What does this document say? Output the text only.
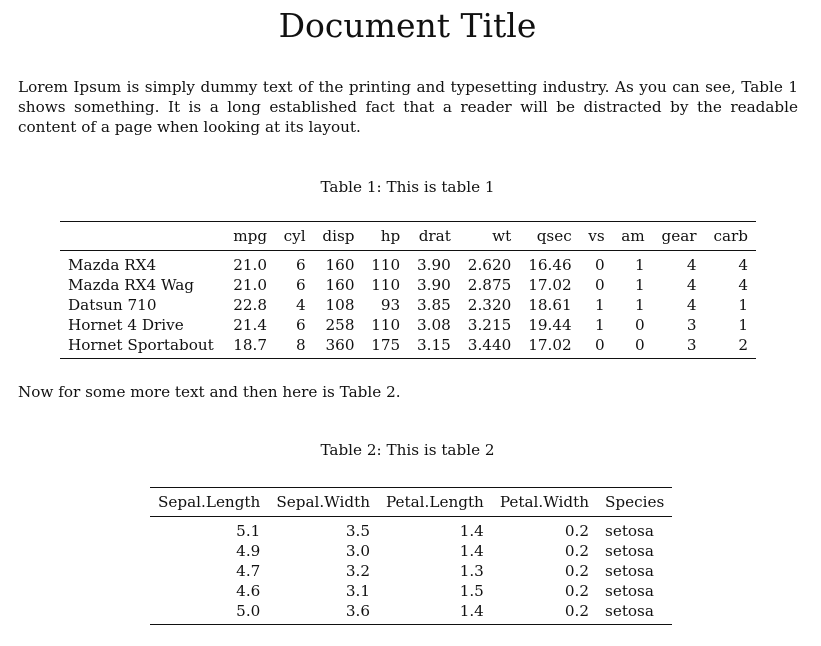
Document Title

Lorem Ipsum is simply dummy text of the printing and typesetting industry. As you can see, Table 1 shows something. It is a long established fact that a reader will be distracted by the readable content of a page when looking at its layout.

Table 1: This is table 1

	mpg	cyl	disp	hp	drat	wt	qsec	vs	am	gear	carb
Mazda RX4	21.0	6	160	110	3.90	2.620	16.46	0	1	4	4
Mazda RX4 Wag	21.0	6	160	110	3.90	2.875	17.02	0	1	4	4
Datsun 710	22.8	4	108	93	3.85	2.320	18.61	1	1	4	1
Hornet 4 Drive	21.4	6	258	110	3.08	3.215	19.44	1	0	3	1
Hornet Sportabout	18.7	8	360	175	3.15	3.440	17.02	0	0	3	2

Now for some more text and then here is Table 2.

Table 2: This is table 2

Sepal.Length	Sepal.Width	Petal.Length	Petal.Width	Species
5.1	3.5	1.4	0.2	setosa
4.9	3.0	1.4	0.2	setosa
4.7	3.2	1.3	0.2	setosa
4.6	3.1	1.5	0.2	setosa
5.0	3.6	1.4	0.2	setosa
